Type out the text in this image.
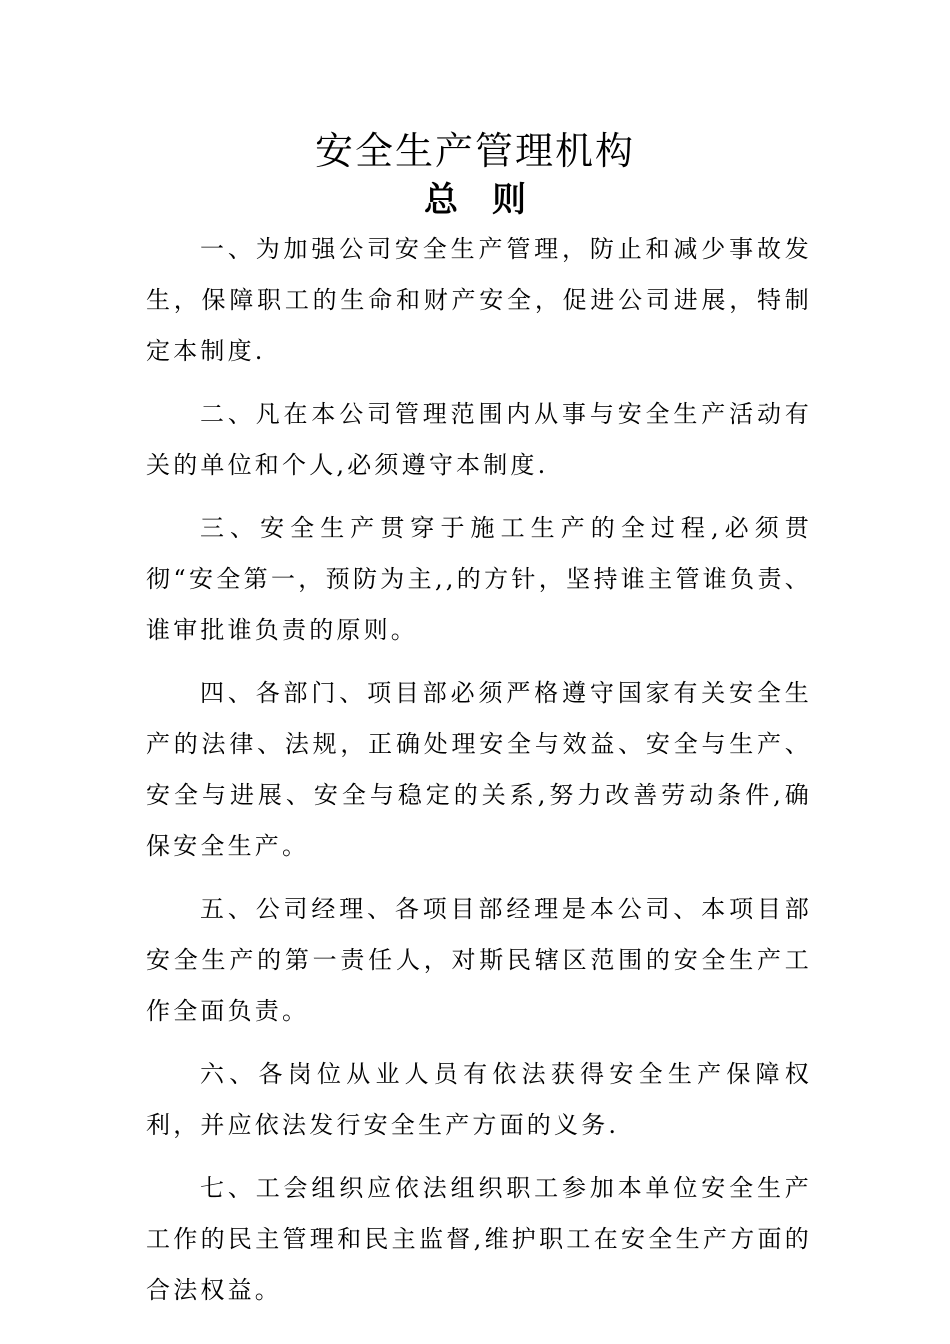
安全生产管理机构
总　则

一、为加强公司安全生产管理，防止和减少事故发生，保障职工的生命和财产安全，促进公司进展，特制定本制度.

二、凡在本公司管理范围内从事与安全生产活动有关的单位和个人,必须遵守本制度.

三、安全生产贯穿于施工生产的全过程,必须贯彻“安全第一，预防为主,,的方针，坚持谁主管谁负责、谁审批谁负责的原则。

四、各部门、项目部必须严格遵守国家有关安全生产的法律、法规，正确处理安全与效益、安全与生产、安全与进展、安全与稳定的关系,努力改善劳动条件,确保安全生产。

五、公司经理、各项目部经理是本公司、本项目部安全生产的第一责任人，对斯民辖区范围的安全生产工作全面负责。

六、各岗位从业人员有依法获得安全生产保障权利，并应依法发行安全生产方面的义务.

七、工会组织应依法组织职工参加本单位安全生产工作的民主管理和民主监督,维护职工在安全生产方面的合法权益。
